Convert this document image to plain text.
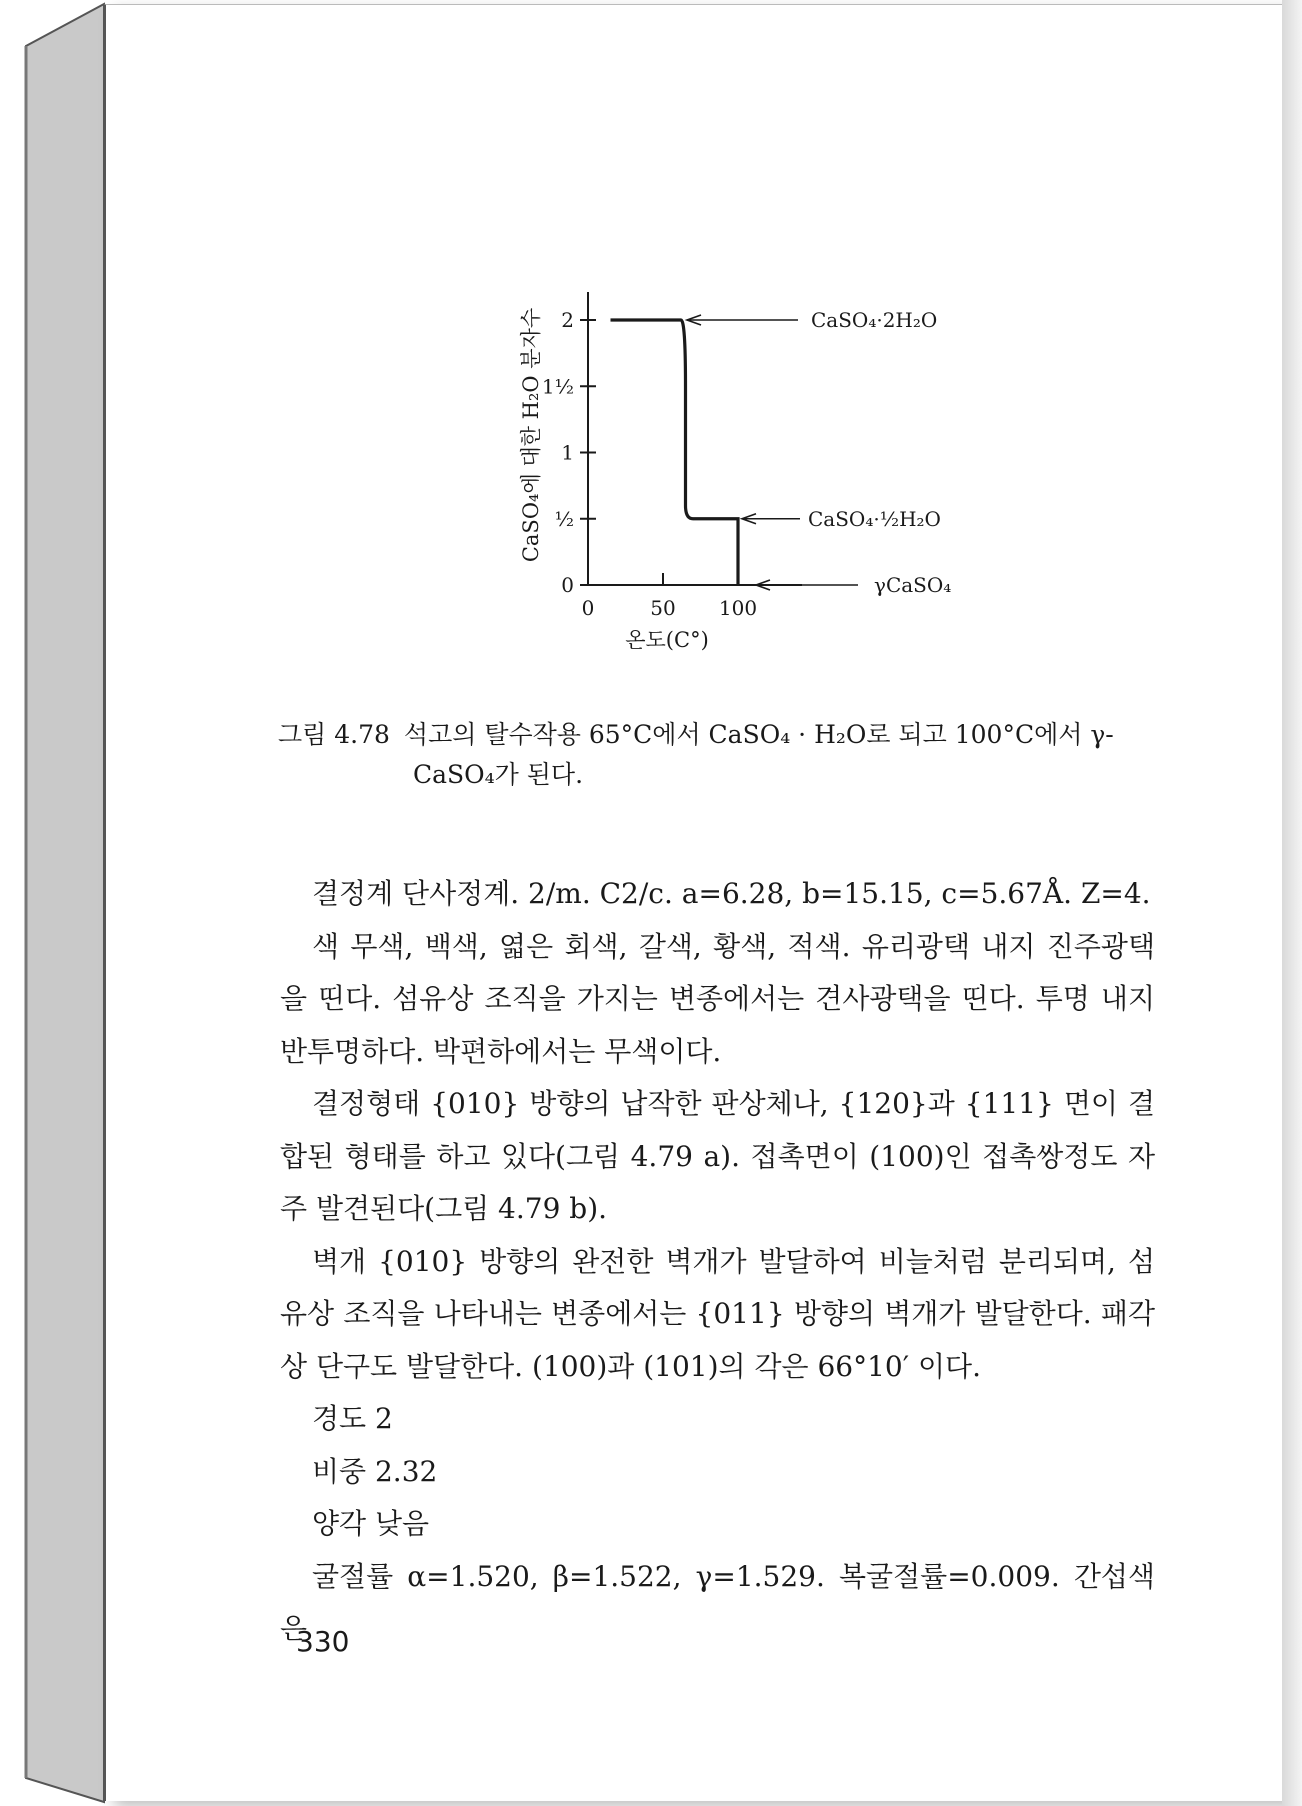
0
½
1
1½
2
0	50 100
온도(C°)
CaSO₄에 대한 H₂O 분자수	CaSO₄·2H₂O
CaSO₄·½H₂O
γCaSO₄
그림 4.78 석고의 탈수작용 65°C에서 CaSO₄ · H₂O로 되고 100°C에서 γ-
CaSO₄가 된다.

결정계 단사정계. 2/m. C2/c. a=6.28, b=15.15, c=5.67Å. Z=4.

색 무색, 백색, 엷은 회색, 갈색, 황색, 적색. 유리광택 내지 진주광택을 띤다. 섬유상 조직을 가지는 변종에서는 견사광택을 띤다. 투명 내지 반투명하다. 박편하에서는 무색이다.

결정형태 {010} 방향의 납작한 판상체나, {120}과 {111} 면이 결합된 형태를 하고 있다(그림 4.79 a). 접촉면이 (100)인 접촉쌍정도 자주 발견된다(그림 4.79 b).

벽개 {010} 방향의 완전한 벽개가 발달하여 비늘처럼 분리되며, 섬유상 조직을 나타내는 변종에서는 {011} 방향의 벽개가 발달한다. 패각상 단구도 발달한다. (100)과 (101)의 각은 66°10′ 이다.

경도 2

비중 2.32

양각 낮음

굴절률 α=1.520, β=1.522, γ=1.529. 복굴절률=0.009. 간섭색은

330
